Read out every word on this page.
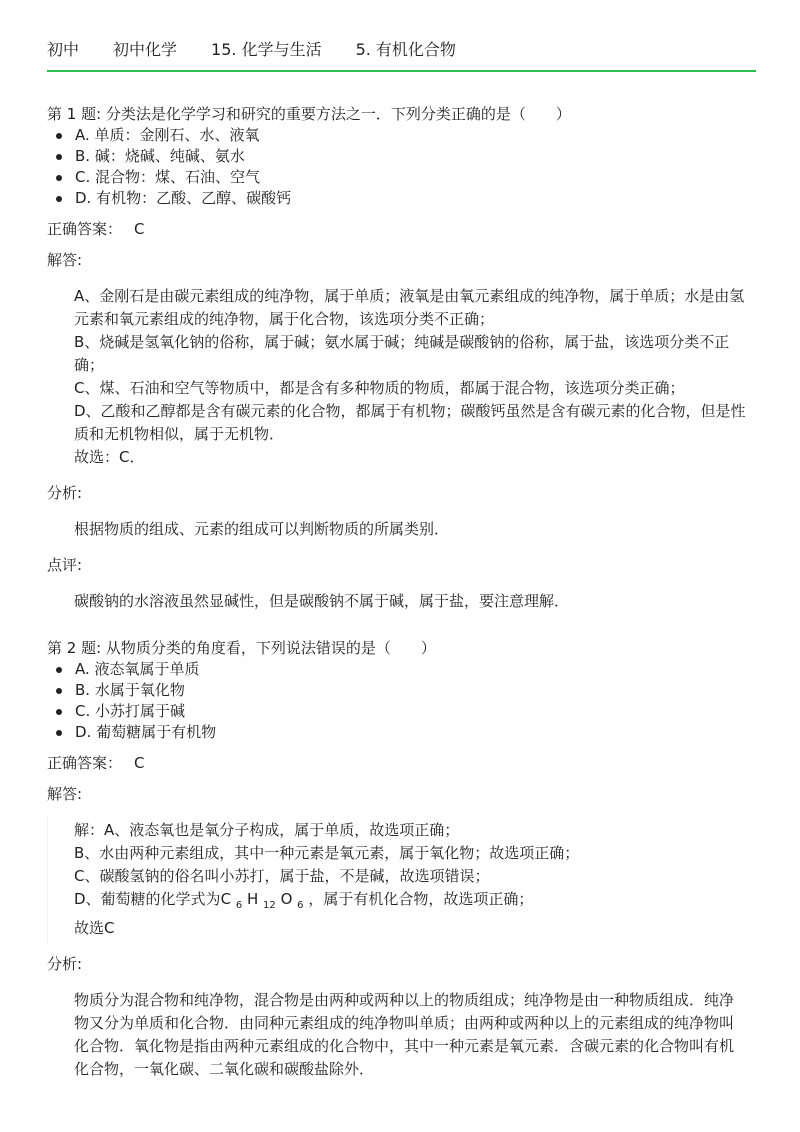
初中 初中化学 15. 化学与生活 5. 有机化合物

第 1 题: 分类法是化学学习和研究的重要方法之一．下列分类正确的是（　　）

A. 单质：金刚石、水、液氧
B. 碱：烧碱、纯碱、氨水
C. 混合物：煤、石油、空气
D. 有机物：乙酸、乙醇、碳酸钙
正确答案： C
解答:

A、金刚石是由碳元素组成的纯净物，属于单质；液氧是由氧元素组成的纯净物，属于单质；水是由氢元素和氧元素组成的纯净物，属于化合物，该选项分类不正确；

B、烧碱是氢氧化钠的俗称，属于碱；氨水属于碱；纯碱是碳酸钠的俗称，属于盐，该选项分类不正确；

C、煤、石油和空气等物质中，都是含有多种物质的物质，都属于混合物，该选项分类正确；

D、乙酸和乙醇都是含有碳元素的化合物，都属于有机物；碳酸钙虽然是含有碳元素的化合物，但是性质和无机物相似，属于无机物．

故选：C．

分析:

根据物质的组成、元素的组成可以判断物质的所属类别．

点评:

碳酸钠的水溶液虽然显碱性，但是碳酸钠不属于碱，属于盐，要注意理解．

第 2 题: 从物质分类的角度看，下列说法错误的是（　　）

A. 液态氧属于单质
B. 水属于氧化物
C. 小苏打属于碱
D. 葡萄糖属于有机物
正确答案： C
解答:

解：A、液态氧也是氧分子构成，属于单质，故选项正确；

B、水由两种元素组成，其中一种元素是氧元素，属于氧化物；故选项正确；

C、碳酸氢钠的俗名叫小苏打，属于盐，不是碱，故选项错误；

D、葡萄糖的化学式为C $_6$ H $_{12}$ O $_6$ ，属于有机化合物，故选项正确；

故选C

分析:

物质分为混合物和纯净物，混合物是由两种或两种以上的物质组成；纯净物是由一种物质组成．纯净物又分为单质和化合物．由同种元素组成的纯净物叫单质；由两种或两种以上的元素组成的纯净物叫化合物．氧化物是指由两种元素组成的化合物中，其中一种元素是氧元素．含碳元素的化合物叫有机化合物，一氧化碳、二氧化碳和碳酸盐除外．
